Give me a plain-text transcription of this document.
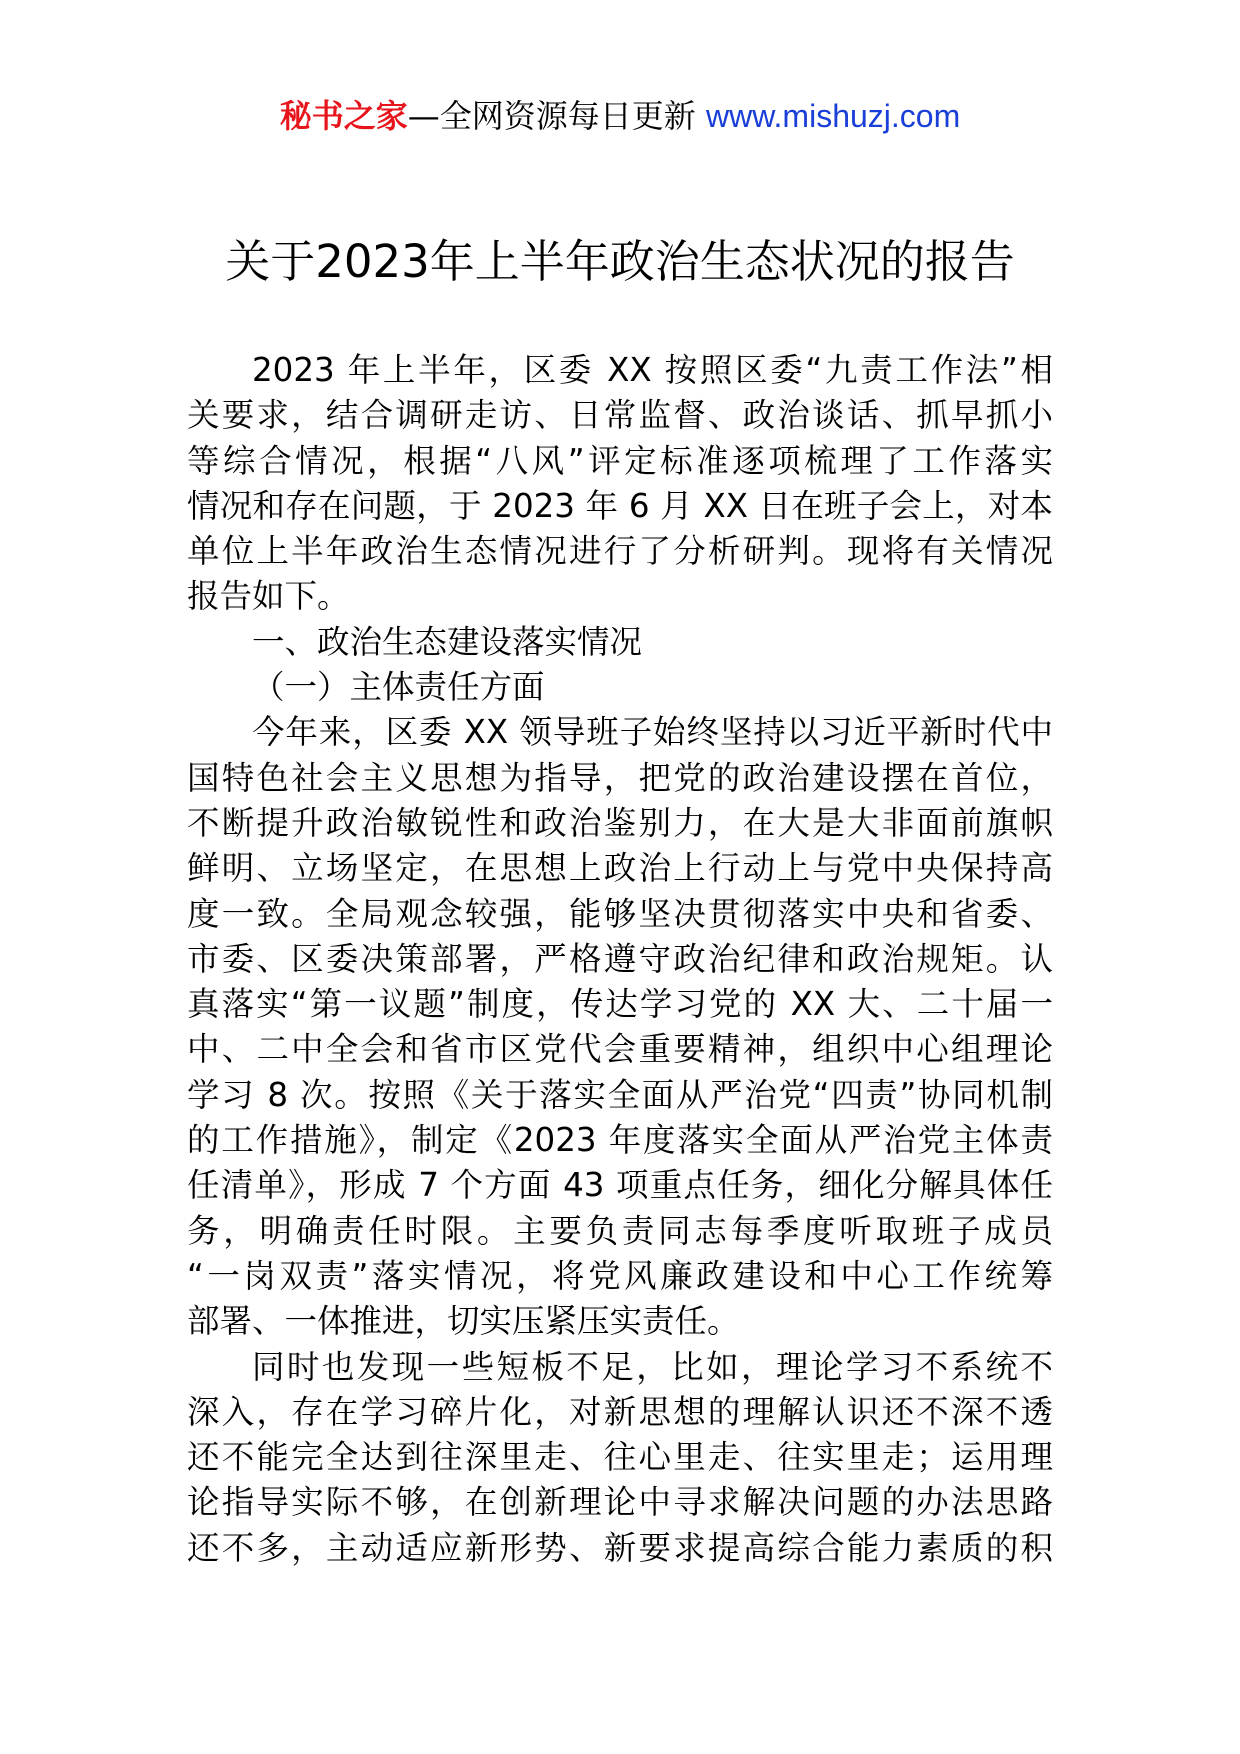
秘书之家—全网资源每日更新 www.mishuzj.com
关于2023年上半年政治生态状况的报告
2023 年上半年，区委 XX 按照区委“九责工作法”相
关要求，结合调研走访、日常监督、政治谈话、抓早抓小
等综合情况，根据“八风”评定标准逐项梳理了工作落实
情况和存在问题，于 2023 年 6 月 XX 日在班子会上，对本
单位上半年政治生态情况进行了分析研判。现将有关情况
报告如下。
一、政治生态建设落实情况
（一）主体责任方面
今年来，区委 XX 领导班子始终坚持以习近平新时代中
国特色社会主义思想为指导，把党的政治建设摆在首位，
不断提升政治敏锐性和政治鉴别力，在大是大非面前旗帜
鲜明、立场坚定，在思想上政治上行动上与党中央保持高
度一致。全局观念较强，能够坚决贯彻落实中央和省委、
市委、区委决策部署，严格遵守政治纪律和政治规矩。认
真落实“第一议题”制度，传达学习党的 XX 大、二十届一
中、二中全会和省市区党代会重要精神，组织中心组理论
学习 8 次。按照《关于落实全面从严治党“四责”协同机制
的工作措施》，制定《2023 年度落实全面从严治党主体责
任清单》，形成 7 个方面 43 项重点任务，细化分解具体任
务，明确责任时限。主要负责同志每季度听取班子成员
“一岗双责”落实情况，将党风廉政建设和中心工作统筹
部署、一体推进，切实压紧压实责任。
同时也发现一些短板不足，比如，理论学习不系统不
深入，存在学习碎片化，对新思想的理解认识还不深不透
还不能完全达到往深里走、往心里走、往实里走；运用理
论指导实际不够，在创新理论中寻求解决问题的办法思路
还不多，主动适应新形势、新要求提高综合能力素质的积
